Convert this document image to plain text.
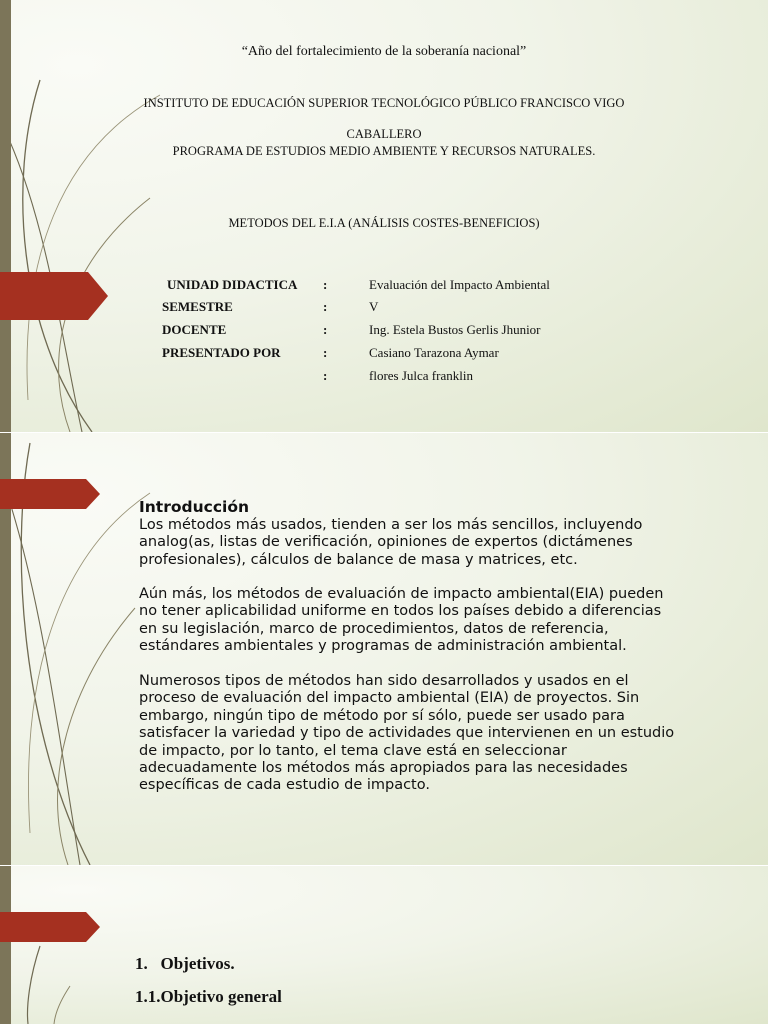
“Año del fortalecimiento de la soberanía nacional”
INSTITUTO DE EDUCACIÓN SUPERIOR TECNOLÓGICO PÚBLICO FRANCISCO VIGO
CABALLERO
PROGRAMA DE ESTUDIOS MEDIO AMBIENTE Y RECURSOS NATURALES.
METODOS DEL E.I.A (ANÁLISIS COSTES-BENEFICIOS)
UNIDAD DIDACTICA :	Evaluación del Impacto Ambiental
SEMESTRE	:	V
DOCENTE	:	Ing. Estela Bustos Gerlis Jhunior
PRESENTADO POR	:	Casiano Tarazona Aymar
:	flores Julca franklin
Introducción

Los métodos más usados, tienden a ser los más sencillos, incluyendo analog(as, listas de verificación, opiniones de expertos (dictámenes profesionales), cálculos de balance de masa y matrices, etc.

Aún más, los métodos de evaluación de impacto ambiental(EIA) pueden no tener aplicabilidad uniforme en todos los países debido a diferencias en su legislación, marco de procedimientos, datos de referencia, estándares ambientales y programas de administración ambiental.

Numerosos tipos de métodos han sido desarrollados y usados en el proceso de evaluación del impacto ambiental (EIA) de proyectos. Sin embargo, ningún tipo de método por sí sólo, puede ser usado para satisfacer la variedad y tipo de actividades que intervienen en un estudio de impacto, por lo tanto, el tema clave está en seleccionar adecuadamente los métodos más apropiados para las necesidades específicas de cada estudio de impacto.

1.   Objetivos.
1.1.Objetivo general
